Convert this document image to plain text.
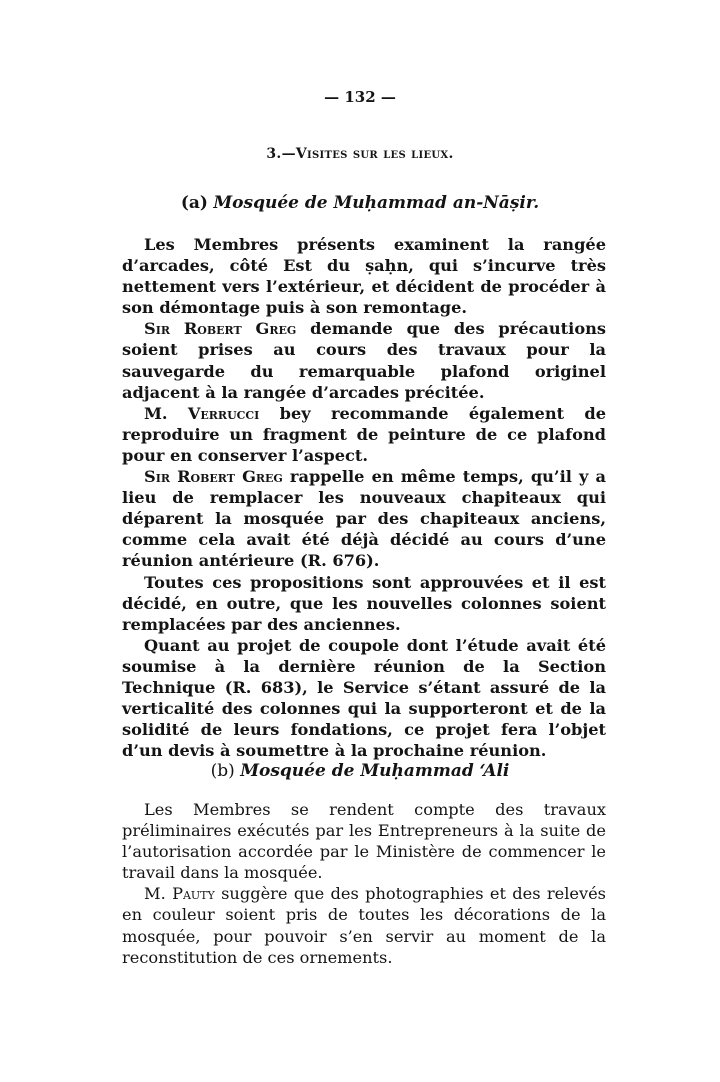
— 132 —
3.—Visites sur les lieux.
(a) Mosquée de Muḥammad an-Nāṣir.

Les Membres présents examinent la rangée d’arcades, côté Est du ṣaḥn, qui s’incurve très nettement vers l’extérieur, et décident de procéder à son démontage puis à son remontage.

Sir Robert Greg demande que des précautions soient prises au cours des travaux pour la sauvegarde du remarquable plafond originel adjacent à la rangée d’arcades précitée.

M. Verrucci bey recommande également de reproduire un fragment de peinture de ce plafond pour en conserver l’aspect.

Sir Robert Greg rappelle en même temps, qu’il y a lieu de remplacer les nouveaux chapiteaux qui déparent la mosquée par des chapiteaux anciens, comme cela avait été déjà décidé au cours d’une réunion antérieure (R. 676).

Toutes ces propositions sont approuvées et il est décidé, en outre, que les nouvelles colonnes soient remplacées par des anciennes.

Quant au projet de coupole dont l’étude avait été soumise à la dernière réunion de la Section Technique (R. 683), le Service s’étant assuré de la verticalité des colonnes qui la supporteront et de la solidité de leurs fondations, ce projet fera l’objet d’un devis à soumettre à la prochaine réunion.

(b) Mosquée de Muḥammad ‘Ali

Les Membres se rendent compte des travaux préliminaires exécutés par les Entrepreneurs à la suite de l’autorisation accordée par le Ministère de commencer le travail dans la mosquée.

M. Pauty suggère que des photographies et des relevés en couleur soient pris de toutes les décorations de la mosquée, pour pouvoir s’en servir au moment de la reconstitution de ces ornements.
